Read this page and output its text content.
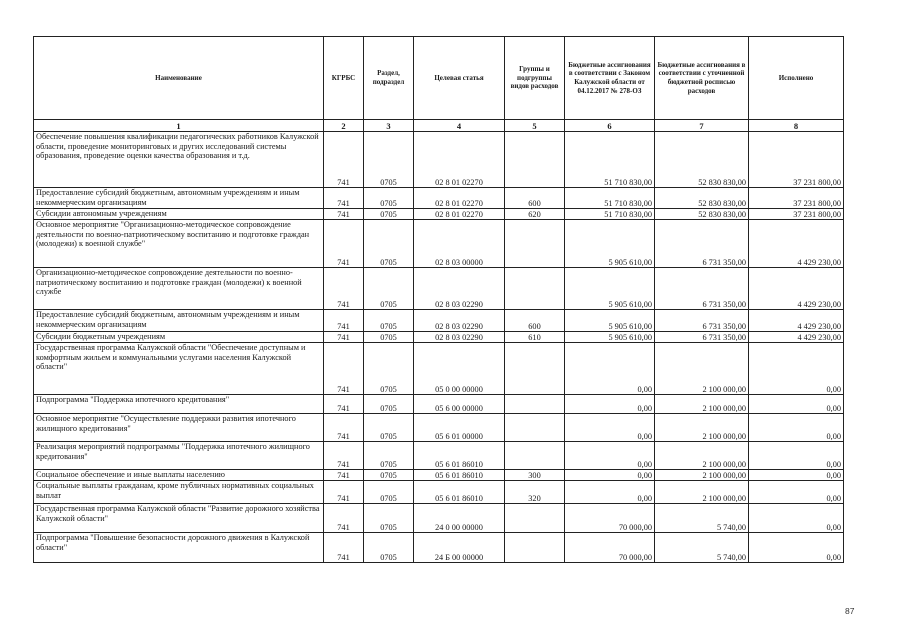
Наименование	КГРБС	Раздел, подраздел	Целевая статья	Группы и подгруппы видов расходов	Бюджетные ассигнования в соответствии с Законом Калужской области от 04.12.2017 № 278-ОЗ	Бюджетные ассигнования в соответствии с уточненной бюджетной росписью расходов	Исполнено
1	2	3	4	5	6	7	8
Обеспечение повышения квалификации педагогических работников Калужской области, проведение мониторинговых и других исследований системы образования, проведение оценки качества образования и т.д.	741	0705	02 8 01 02270		51 710 830,00	52 830 830,00	37 231 800,00
Предоставление субсидий бюджетным, автономным учреждениям и иным некоммерческим организациям	741	0705	02 8 01 02270	600	51 710 830,00	52 830 830,00	37 231 800,00
Субсидии автономным учреждениям	741	0705	02 8 01 02270	620	51 710 830,00	52 830 830,00	37 231 800,00
Основное мероприятие "Организационно-методическое сопровождение деятельности по военно-патриотическому воспитанию и подготовке граждан (молодежи) к военной службе"	741	0705	02 8 03 00000		5 905 610,00	6 731 350,00	4 429 230,00
Организационно-методическое сопровождение деятельности по военно-патриотическому воспитанию и подготовке граждан (молодежи) к военной службе	741	0705	02 8 03 02290		5 905 610,00	6 731 350,00	4 429 230,00
Предоставление субсидий бюджетным, автономным учреждениям и иным некоммерческим организациям	741	0705	02 8 03 02290	600	5 905 610,00	6 731 350,00	4 429 230,00
Субсидии бюджетным учреждениям	741	0705	02 8 03 02290	610	5 905 610,00	6 731 350,00	4 429 230,00
Государственная программа Калужской области "Обеспечение доступным и комфортным жильем и коммунальными услугами населения Калужской области"	741	0705	05 0 00 00000		0,00	2 100 000,00	0,00
Подпрограмма "Поддержка ипотечного кредитования"	741	0705	05 6 00 00000		0,00	2 100 000,00	0,00
Основное мероприятие "Осуществление поддержки развития ипотечного жилищного кредитования"	741	0705	05 6 01 00000		0,00	2 100 000,00	0,00
Реализация мероприятий подпрограммы "Поддержка ипотечного жилищного кредитования"	741	0705	05 6 01 86010		0,00	2 100 000,00	0,00
Социальное обеспечение и иные выплаты населению	741	0705	05 6 01 86010	300	0,00	2 100 000,00	0,00
Социальные выплаты гражданам, кроме публичных нормативных социальных выплат	741	0705	05 6 01 86010	320	0,00	2 100 000,00	0,00
Государственная программа Калужской области "Развитие дорожного хозяйства Калужской области"	741	0705	24 0 00 00000		70 000,00	5 740,00	0,00
Подпрограмма "Повышение безопасности дорожного движения в Калужской области"	741	0705	24 Б 00 00000		70 000,00	5 740,00	0,00
87
